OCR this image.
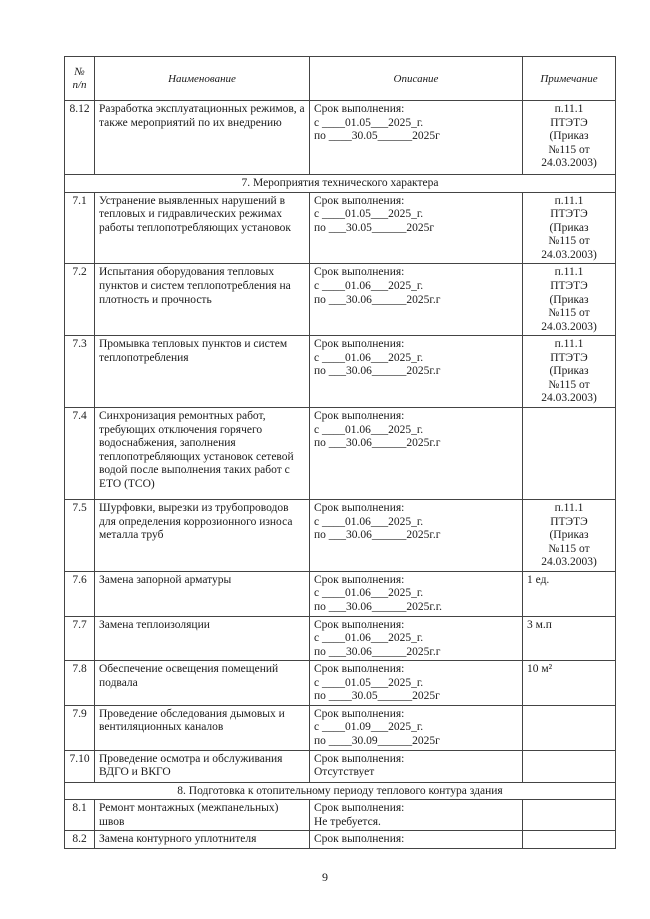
№ п/п	Наименование	Описание	Примечание
8.12	Разработка эксплуатационных режимов, а также мероприятий по их внедрению	Срок выполнения:
с ____01.05___2025_г.
по ____30.05______2025г	п.11.1
ПТЭТЭ
(Приказ
№115 от
24.03.2003)

7. Мероприятия технического характера			
7.1	Устранение выявленных нарушений в тепловых и гидравлических режимах работы теплопотребляющих установок	Срок выполнения:
с ____01.05___2025_г.
по ___30.05______2025г	п.11.1
ПТЭТЭ
(Приказ
№115 от
24.03.2003)

7.2	Испытания оборудования тепловых пунктов и систем теплопотребления на плотность и прочность	Срок выполнения:
с ____01.06___2025_г.
по ___30.06______2025г.г	п.11.1
ПТЭТЭ
(Приказ
№115 от
24.03.2003)

7.3	Промывка тепловых пунктов и систем теплопотребления	Срок выполнения:
с ____01.06___2025_г.
по ___30.06______2025г.г	п.11.1
ПТЭТЭ
(Приказ
№115 от
24.03.2003)

7.4	Синхронизация ремонтных работ, требующих отключения горячего водоснабжения, заполнения теплопотребляющих установок сетевой водой после выполнения таких работ с ЕТО (ТСО)	Срок выполнения:
с ____01.06___2025_г.
по ___30.06______2025г.г	

7.5	Шурфовки, вырезки из трубопроводов для определения коррозионного износа металла труб	Срок выполнения:
с ____01.06___2025_г.
по ___30.06______2025г.г	п.11.1
ПТЭТЭ
(Приказ
№115 от
24.03.2003)

7.6	Замена запорной арматуры	Срок выполнения:
с ____01.06___2025_г.
по ___30.06______2025г.г.	1 ед.

7.7	Замена теплоизоляции	Срок выполнения:
с ____01.06___2025_г.
по ___30.06______2025г.г	3 м.п

7.8	Обеспечение освещения помещений подвала	Срок выполнения:
с ____01.05___2025_г.
по ____30.05______2025г	10 м²

7.9	Проведение обследования дымовых и вентиляционных каналов	Срок выполнения:
с ____01.09___2025_г.
по ____30.09______2025г	

7.10	Проведение осмотра и обслуживания ВДГО и ВКГО	Срок выполнения:
Отсутствует	

8. Подготовка к отопительному периоду теплового контура здания			
8.1	Ремонт монтажных (межпанельных) швов	Срок выполнения:
Не требуется.	

8.2	Замена контурного уплотнителя	Срок выполнения:	

9
